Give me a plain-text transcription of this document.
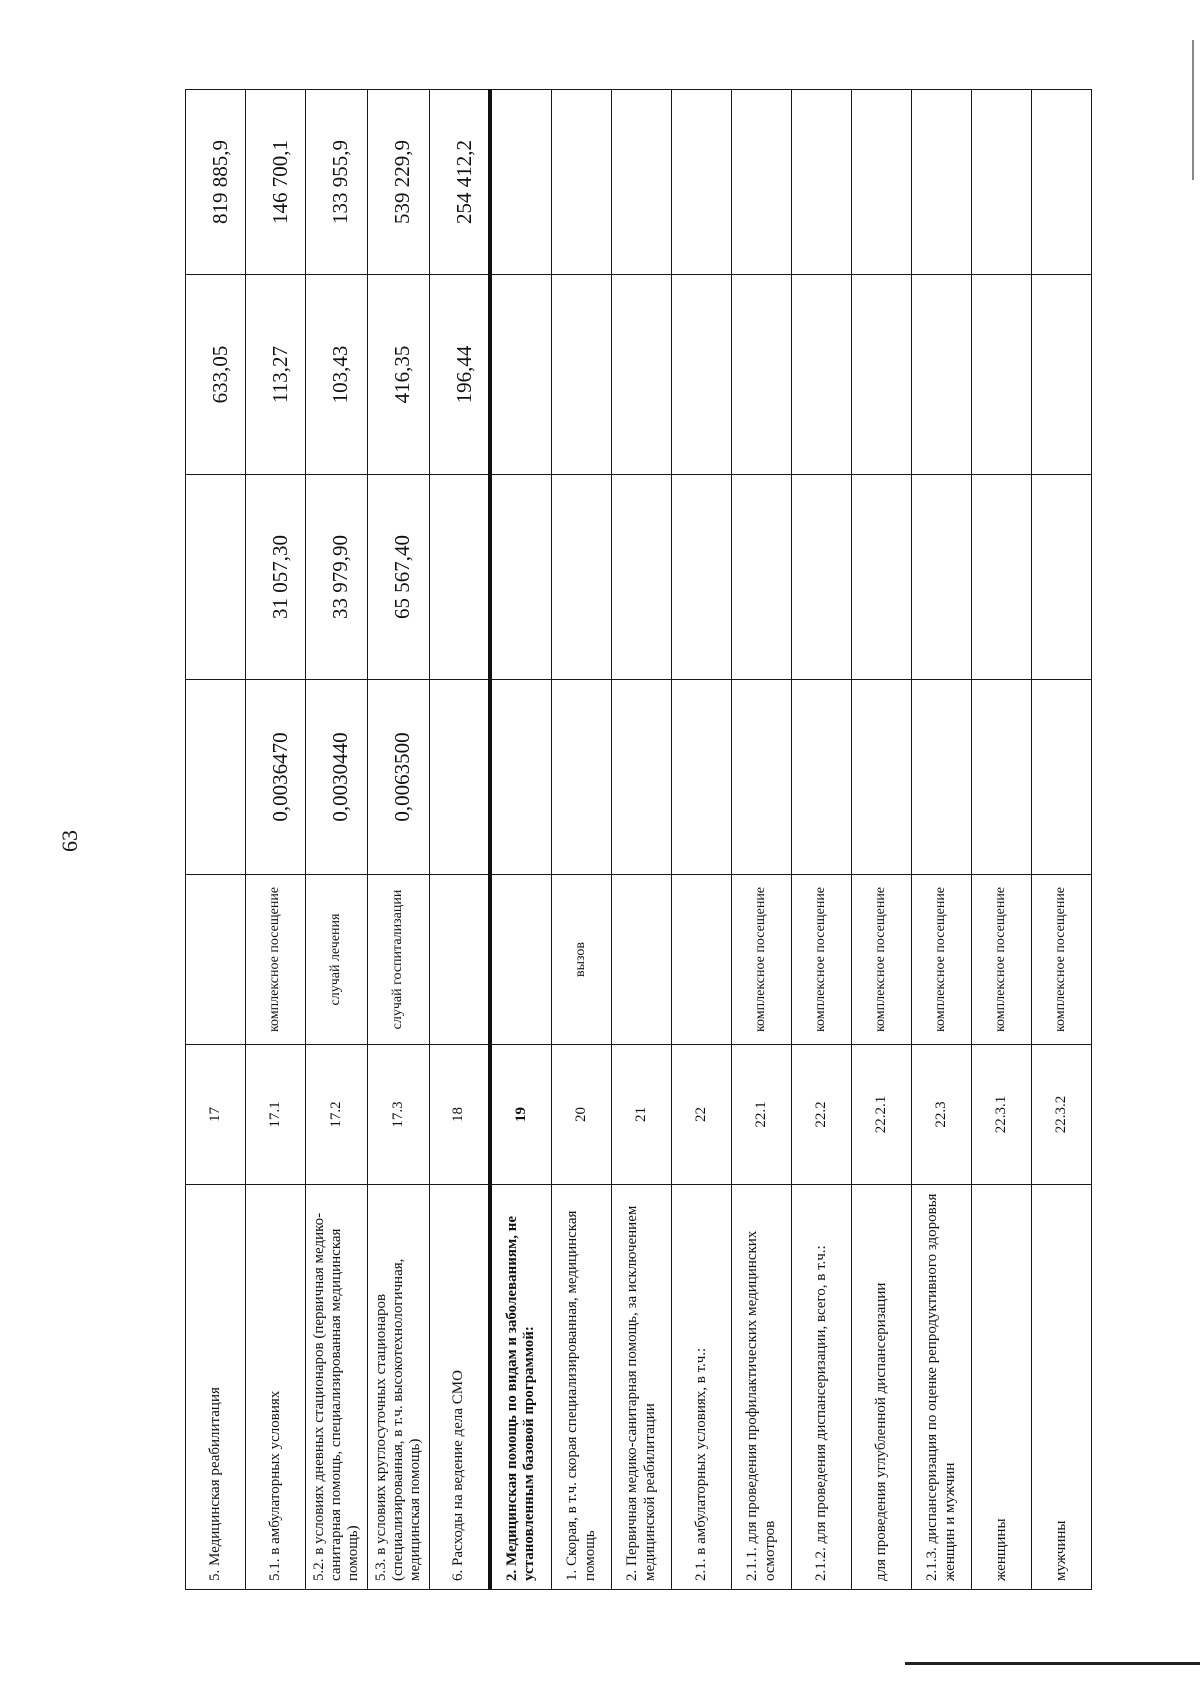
63
5. Медицинская реабилитация	17				633,05	819 885,9
5.1. в амбулаторных условиях	17.1	комплексное посещение	0,0036470	31 057,30	113,27	146 700,1
5.2. в условиях дневных стационаров (первичная медико-санитарная помощь, специализированная медицинская помощь)	17.2	случай лечения	0,0030440	33 979,90	103,43	133 955,9
5.3. в условиях круглосуточных стационаров (специализированная, в т.ч. высокотехнологичная, медицинская помощь)	17.3	случай госпитализации	0,0063500	65 567,40	416,35	539 229,9
6. Расходы на ведение дела СМО	18				196,44	254 412,2
2. Медицинская помощь по видам и заболеваниям, не установленным базовой программой:	19					
1. Скорая, в т.ч. скорая специализированная, медицинская помощь	20	вызов				
2. Первичная медико-санитарная помощь, за исключением медицинской реабилитации	21					
2.1. в амбулаторных условиях, в т.ч.:	22					
2.1.1. для проведения профилактических медицинских осмотров	22.1	комплексное посещение				
2.1.2. для проведения диспансеризации, всего, в т.ч.:	22.2	комплексное посещение				
для проведения углубленной диспансеризации	22.2.1	комплексное посещение				
2.1.3. диспансеризация по оценке репродуктивного здоровья женщин и мужчин	22.3	комплексное посещение				
женщины	22.3.1	комплексное посещение				
мужчины	22.3.2	комплексное посещение				
